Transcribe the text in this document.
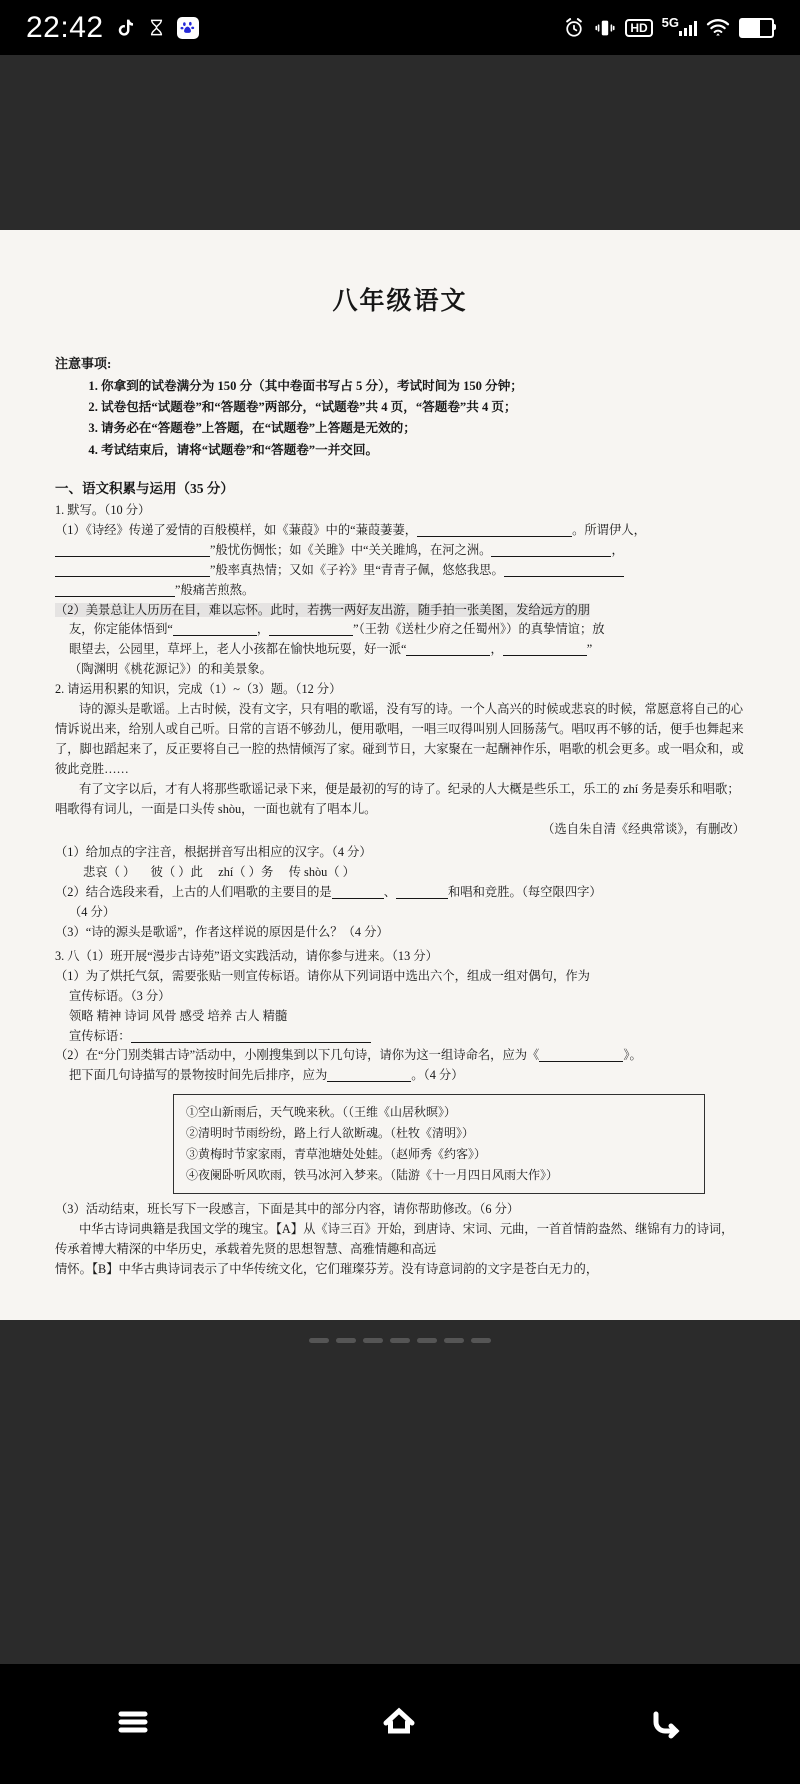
22:42	HD	5G
八年级语文
注意事项:
1. 你拿到的试卷满分为 150 分（其中卷面书写占 5 分），考试时间为 150 分钟；
2. 试卷包括“试题卷”和“答题卷”两部分，“试题卷”共 4 页，“答题卷”共 4 页；
3. 请务必在“答题卷”上答题，在“试题卷”上答题是无效的；
4. 考试结束后，请将“试题卷”和“答题卷”一并交回。
一、语文积累与运用（35 分）
1. 默写。（10 分）
（1）《诗经》传递了爱情的百般模样，如《蒹葭》中的“蒹葭萋萋，	。所谓伊人，
”般忧伤惆怅；如《关雎》中“关关雎鸠，在河之洲。	，
”般率真热情；又如《子衿》里“青青子佩，悠悠我思。
”般痛苦煎熬。
（2）美景总让人历历在目，难以忘怀。此时，若携一两好友出游，随手拍一张美图，发给远方的朋
友，你定能体悟到“	，	”（王勃《送杜少府之任蜀州》）的真挚情谊；放
眼望去，公园里，草坪上，老人小孩都在愉快地玩耍，好一派“	，	”
（陶渊明《桃花源记》）的和美景象。
2. 请运用积累的知识，完成（1）~（3）题。（12 分）

诗的源头是歌谣。上古时候，没有文字，只有唱的歌谣，没有写的诗。一个人高兴的时候或悲哀的时候，常愿意将自己的心情诉说出来，给别人或自己听。日常的言语不够劲儿，便用歌唱，一唱三叹得叫别人回肠荡气。唱叹再不够的话，便手也舞起来了，脚也蹈起来了，反正要将自己一腔的热情倾泻了家。碰到节日，大家聚在一起酬神作乐，唱歌的机会更多。或一唱众和，或彼此竞胜……

有了文字以后，才有人将那些歌谣记录下来，便是最初的写的诗了。纪录的人大概是些乐工，乐工的 zhí 务是奏乐和唱歌；唱歌得有词儿，一面是口头传 shòu，一面也就有了唱本儿。

（选自朱自清《经典常谈》，有删改）
（1）给加点的字注音，根据拼音写出相应的汉字。（4 分）
悲哀（ ） 彼（ ）此 zhí（ ）务 传 shòu（ ）
（2）结合选段来看，上古的人们唱歌的主要目的是	、	和唱和竞胜。（每空限四字）
（4 分）
（3）“诗的源头是歌谣”，作者这样说的原因是什么？（4 分）
3. 八（1）班开展“漫步古诗苑”语文实践活动，请你参与进来。（13 分）
（1）为了烘托气氛，需要张贴一则宣传标语。请你从下列词语中选出六个，组成一组对偶句，作为
宣传标语。（3 分）
领略 精神 诗词 风骨 感受 培养 古人 精髓
宣传标语：
（2）在“分门别类辑古诗”活动中，小刚搜集到以下几句诗，请你为这一组诗命名，应为《	》。
把下面几句诗描写的景物按时间先后排序，应为	。（4 分）
①空山新雨后，天气晚来秋。（（王维《山居秋暝》）
②清明时节雨纷纷，路上行人欲断魂。（杜牧《清明》）
③黄梅时节家家雨，青草池塘处处蛙。（赵师秀《约客》）
④夜阑卧听风吹雨，铁马冰河入梦来。（陆游《十一月四日风雨大作》）
（3）活动结束，班长写下一段感言，下面是其中的部分内容，请你帮助修改。（6 分）

中华古诗词典籍是我国文学的瑰宝。【A】从《诗三百》开始，到唐诗、宋词、元曲，一首首情韵盎然、继锦有力的诗词，传承着博大精深的中华历史，承载着先贤的思想智慧、高雅情趣和高远

情怀。【B】中华古典诗词表示了中华传统文化，它们璀璨芬芳。没有诗意词韵的文字是苍白无力的，
